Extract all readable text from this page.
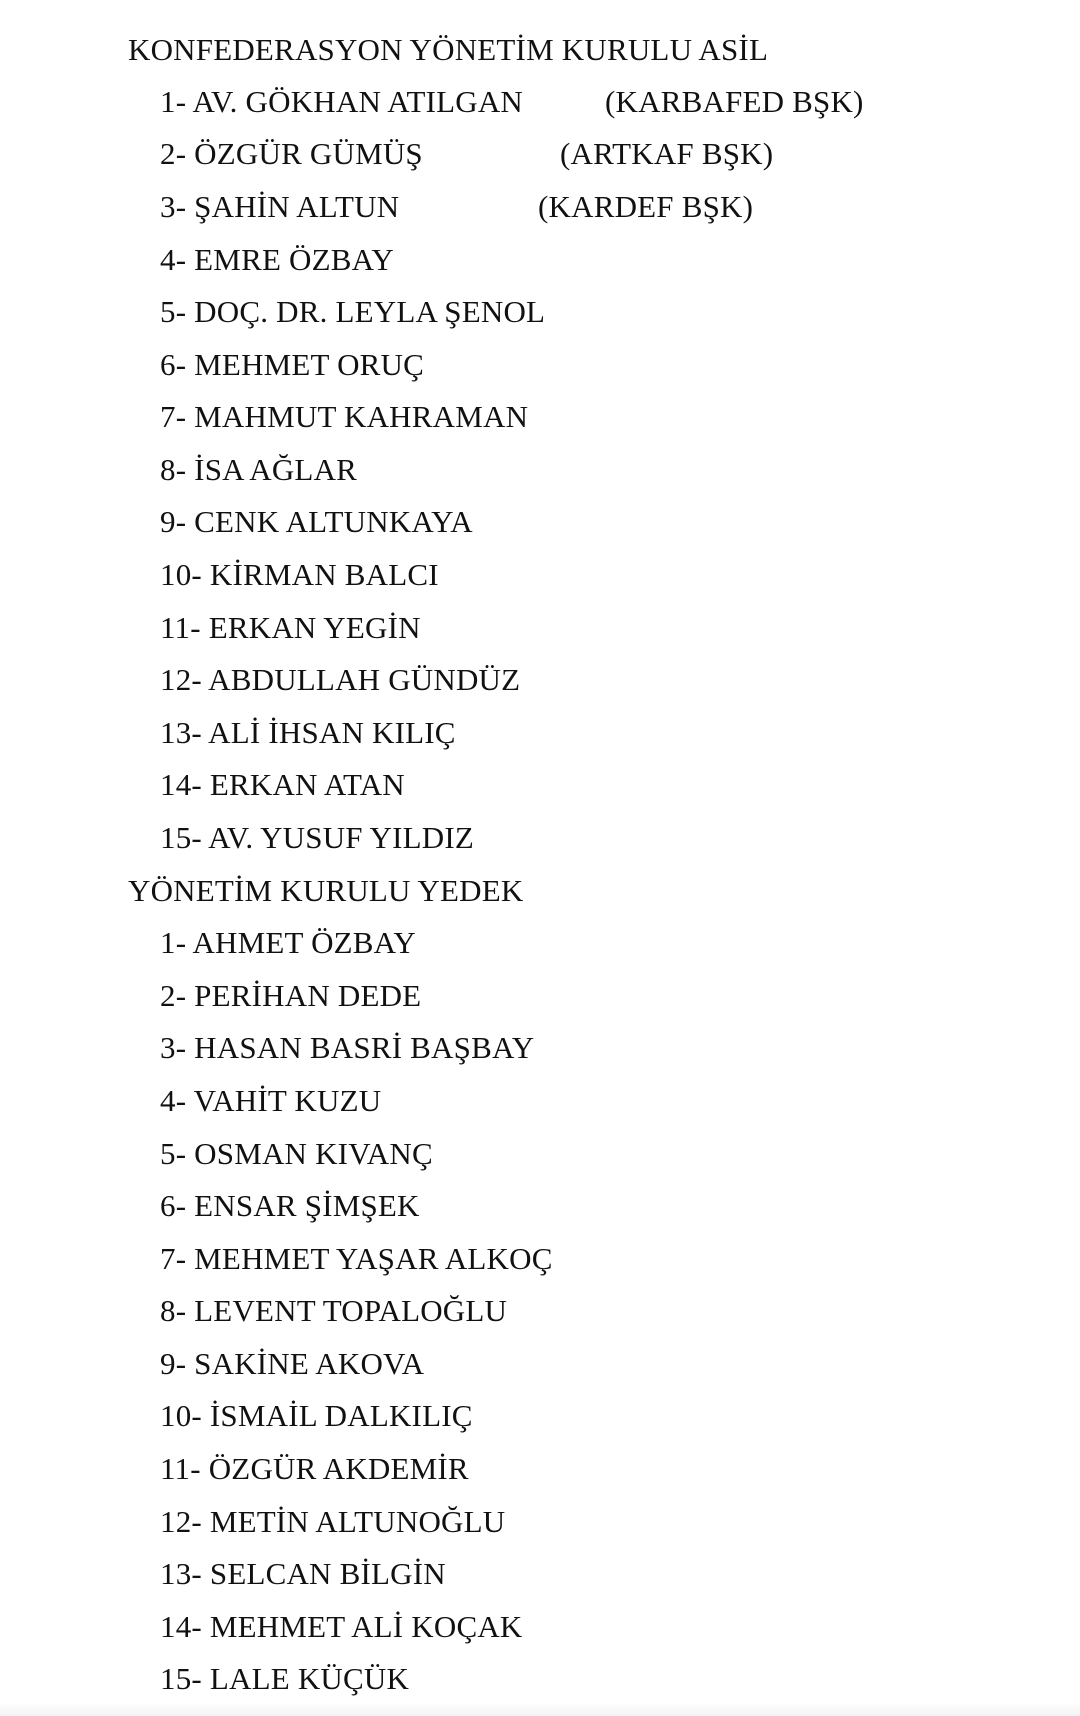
KONFEDERASYON YÖNETİM KURULU ASİL
1- AV. GÖKHAN ATILGAN	(KARBAFED BŞK)
2- ÖZGÜR GÜMÜŞ	(ARTKAF BŞK)
3- ŞAHİN ALTUN	(KARDEF BŞK)
4- EMRE ÖZBAY
5- DOÇ. DR. LEYLA ŞENOL
6- MEHMET ORUÇ
7- MAHMUT KAHRAMAN
8- İSA AĞLAR
9- CENK ALTUNKAYA
10- KİRMAN BALCI
11- ERKAN YEGİN
12- ABDULLAH GÜNDÜZ
13- ALİ İHSAN KILIÇ
14- ERKAN ATAN
15- AV. YUSUF YILDIZ
YÖNETİM KURULU YEDEK
1- AHMET ÖZBAY
2- PERİHAN DEDE
3- HASAN BASRİ BAŞBAY
4- VAHİT KUZU
5- OSMAN KIVANÇ
6- ENSAR ŞİMŞEK
7- MEHMET YAŞAR ALKOÇ
8- LEVENT TOPALOĞLU
9- SAKİNE AKOVA
10- İSMAİL DALKILIÇ
11- ÖZGÜR AKDEMİR
12- METİN ALTUNOĞLU
13- SELCAN BİLGİN
14- MEHMET ALİ KOÇAK
15- LALE KÜÇÜK
